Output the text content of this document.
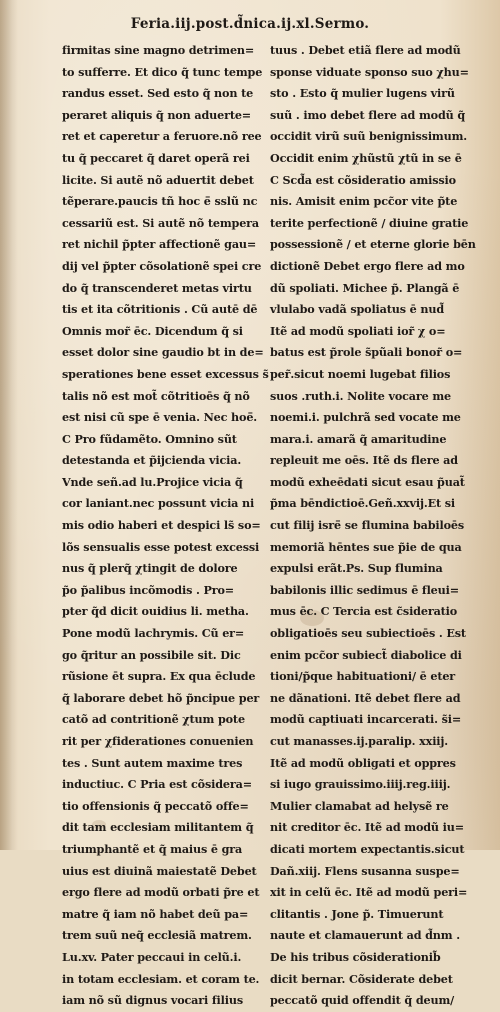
Feria.iij.post.d̃nica.ij.xl.Sermo.
firmitas sine magno detrimen=
to sufferre. Et dico q̃ tunc tempe
randus esset. Sed esto q̃ non te
peraret aliquis q̃ non aduerte=
ret et caperetur a feruore.nõ ree
tu q̃ peccaret q̃ daret operã rei
licite. Si autẽ nõ aduertit debet
tẽperare.paucis tñ hoc ē̄ sslũ nc
cessariũ est. Si autẽ nõ tempera
ret nichil p̃pter affectionẽ gau=
dij vel p̃pter cõsolationẽ spei cre
do q̃ transcenderet metas virtu
tis et ita cõtritionis . Cũ autē dē
Omnis mor̃ ēc. Dicendum q̃ si
esset dolor sine gaudio bt in de=
sperationes bene esset excessus s̃
talis nõ est mot̃ cõtritioēs q̃ nõ
est nisi cũ spe ē venia. Nec hoē̄.
C Pro fũdamẽto. Omnino sũt
detestanda et p̃ijcienda vicia.
Vnde señ.ad lu.Projice vicia q̃
cor laniant.nec possunt vicia ni
mis odio haberi et despici ls̃ so=
lõs sensualis esse potest excessi
nus q̃ plerq̃ χtingit de dolore
p̃o p̃alibus incõmodis . Pro=
pter q̃d dicit ouidius li. metha.
Pone modũ lachrymis. Cũ er=
go q̃ritur an possibile sit. Dic
rũsione ēt supra. Ex qua ēclude
q̃ laborare debet hõ p̃ncipue per
catõ ad contritionẽ χtum pote
rit per χfiderationes conuenien
tes . Sunt autem maxime tres
inductiuc. C Pria est cõsidera=
tio offensionis q̃ peccatõ offe=
dit tam ecclesiam militantem q̃
triumphantẽ et q̃ maius ē gra
uius est diuinã maiestatẽ Debet
ergo flere ad modũ orbati p̃re et
matre q̃ iam nõ habet deũ pa=
trem suũ neq̃ ecclesiã matrem.
Lu.xv. Pater peccaui in celũ.i.
in totam ecclesiam. et coram te.
iam nõ sũ dignus vocari filius
tuus . Debet etiã flere ad modũ
sponse viduate sponso suo χhu=
sto . Esto q̃ mulier lugens virũ
suũ . imo debet flere ad modũ q̃
occidit virũ suũ benignissimum.
Occidit enim χhũstũ χtũ in se ē
C Scd̃a est cõsideratio amissio
nis. Amisit enim pcc̃or vite p̃te
terite perfectionẽ / diuine gratie
possessionẽ / et eterne glorie bēn
dictionẽ Debet ergo flere ad mo
dũ spoliati. Michee p̃. Plangã ē
vlulabo vadã spoliatus ē nud̃
Itẽ ad modũ spoliati ior̃ χ o=
batus est p̃role s̃pũali bonor̃ o=
per̃.sicut noemi lugebat filios
suos .ruth.i. Nolite vocare me
noemi.i. pulchrã sed vocate me
mara.i. amarã q̃ amaritudine
repleuit me oēs. Itẽ ds flere ad
modũ exheēdati sicut esau p̃uat̃
p̃ma bēndictioē.Geñ.xxvij.Et si
cut filij isrē̄ se flumina babiloēs
memoriã hēntes sue p̃ie de qua
expulsi erãt.Ps. Sup flumina
babilonis illic sedimus ē fleui=
mus ēc. C Tercia est c̃sideratio
obligatioēs seu subiectioēs . Est
enim pcc̃or subiect̃ diabolice di
tioni/p̃que habituationi/ ē eter
ne dãnationi. Itẽ debet flere ad
modũ captiuati incarcerati. s̃i=
cut manasses.ij.paralip. xxiij.
Itẽ ad modũ obligati et oppres
si iugo grauissimo.iiij.reg.iiij.
Mulier clamabat ad helysẽ re
nit creditor ēc. Itẽ ad modũ iu=
dicati mortem expectantis.sicut
Dañ.xiij. Flens susanna suspe=
xit in celũ ēc. Itẽ ad modũ peri=
clitantis . Jone p̃. Timuerunt
naute et clamauerunt ad d̃nm .
De his tribus cõsiderationib̃
dicit bernar. Cõsiderate debet
peccatõ quid offendit q̃ deum/
